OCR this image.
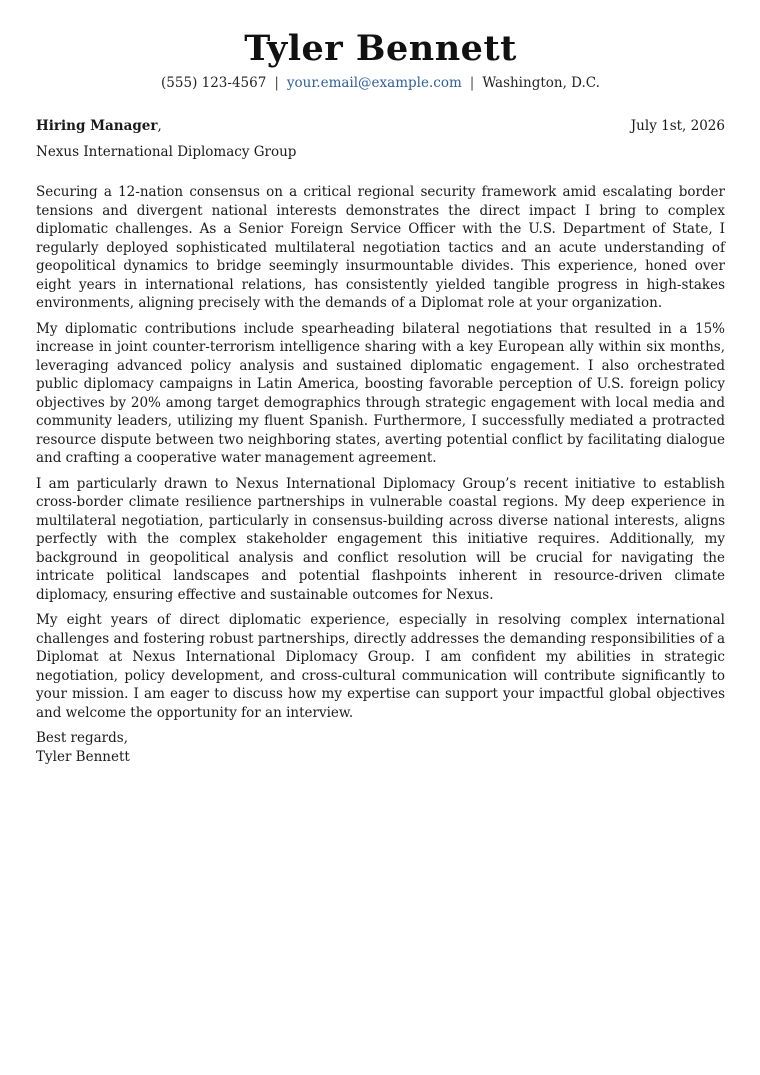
Tyler Bennett
(555) 123-4567 | your.email@example.com | Washington, D.C.
Hiring Manager,	July 1st, 2026
Nexus International Diplomacy Group

Securing a 12-nation consensus on a critical regional security framework amid escalating border tensions and divergent national interests demonstrates the direct impact I bring to complex diplomatic challenges. As a Senior Foreign Service Officer with the U.S. Department of State, I regularly deployed sophisticated multilateral negotiation tactics and an acute understanding of geopolitical dynamics to bridge seemingly insurmountable divides. This experience, honed over eight years in international relations, has consistently yielded tangible progress in high-stakes environments, aligning precisely with the demands of a Diplomat role at your organization.

My diplomatic contributions include spearheading bilateral negotiations that resulted in a 15% increase in joint counter-terrorism intelligence sharing with a key European ally within six months, leveraging advanced policy analysis and sustained diplomatic engagement. I also orchestrated public diplomacy campaigns in Latin America, boosting favorable perception of U.S. foreign policy objectives by 20% among target demographics through strategic engagement with local media and community leaders, utilizing my fluent Spanish. Furthermore, I successfully mediated a protracted resource dispute between two neighboring states, averting potential conflict by facilitating dialogue and crafting a cooperative water management agreement.

I am particularly drawn to Nexus International Diplomacy Group’s recent initiative to establish cross-border climate resilience partnerships in vulnerable coastal regions. My deep experience in multilateral negotiation, particularly in consensus-building across diverse national interests, aligns perfectly with the complex stakeholder engagement this initiative requires. Additionally, my background in geopolitical analysis and conflict resolution will be crucial for navigating the intricate political landscapes and potential flashpoints inherent in resource-driven climate diplomacy, ensuring effective and sustainable outcomes for Nexus.

My eight years of direct diplomatic experience, especially in resolving complex international challenges and fostering robust partnerships, directly addresses the demanding responsibilities of a Diplomat at Nexus International Diplomacy Group. I am confident my abilities in strategic negotiation, policy development, and cross-cultural communication will contribute significantly to your mission. I am eager to discuss how my expertise can support your impactful global objectives and welcome the opportunity for an interview.

Best regards,
Tyler Bennett
